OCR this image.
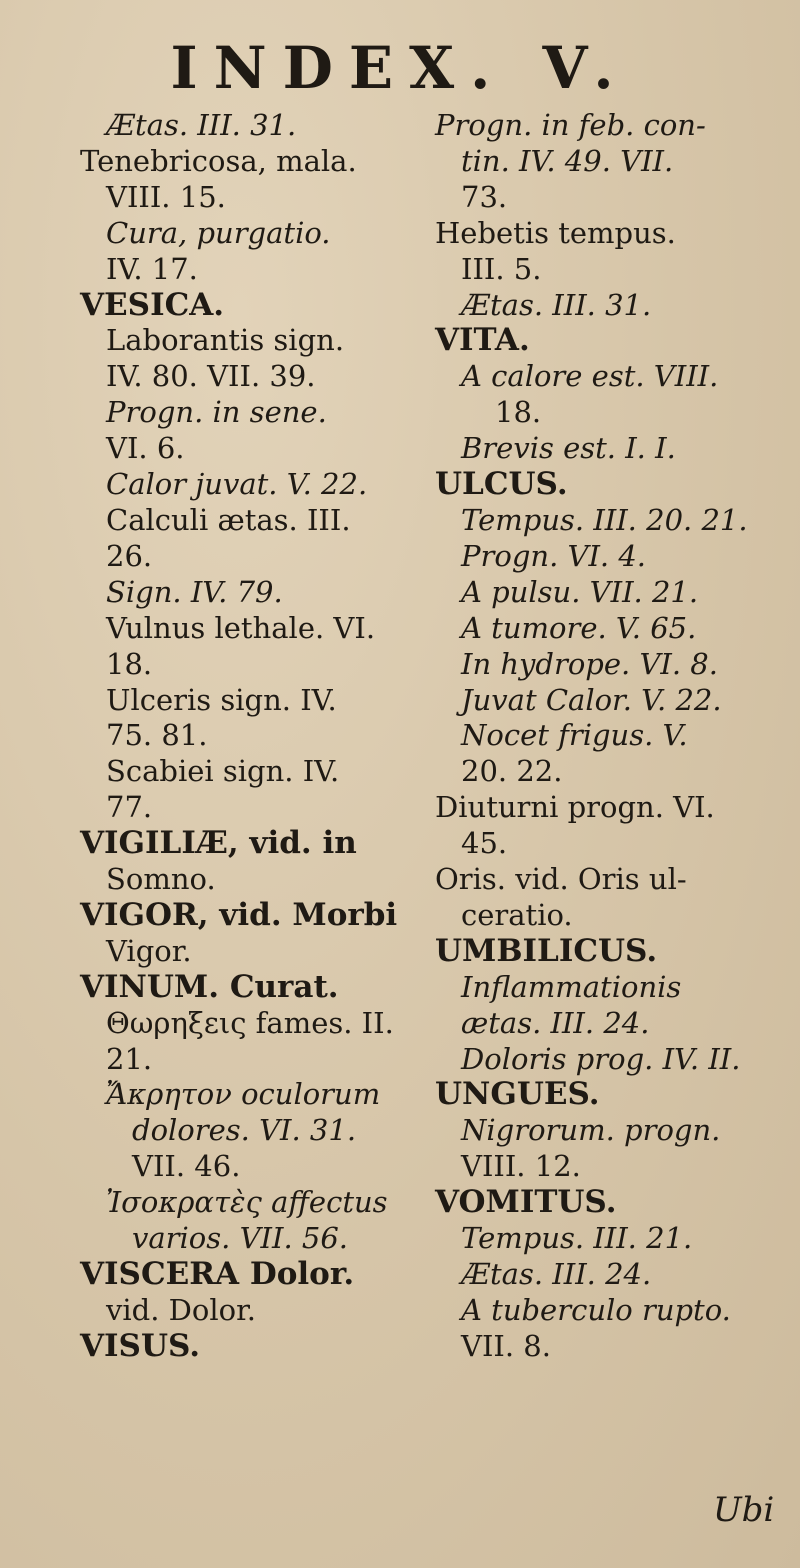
INDEX. V.
Ætas. III. 31.
Tenebricosa, mala.
VIII. 15.
Cura, purgatio.
IV. 17.
VESICA.
Laborantis sign.
IV. 80. VII. 39.
Progn. in sene.
VI. 6.
Calor juvat. V. 22.
Calculi ætas. III.
26.
Sign. IV. 79.
Vulnus lethale. VI.
18.
Ulceris sign. IV.
75. 81.
Scabiei sign. IV.
77.
VIGILIÆ, vid. in
Somno.
VIGOR, vid. Morbi
Vigor.
VINUM. Curat.
Θωρηξεις fames. II.
21.
Ἄκρητον oculorum
dolores. VI. 31.
VII. 46.
Ἰσοκρατὲς affectus
varios. VII. 56.
VISCERA Dolor.
vid. Dolor.
VISUS.
Progn. in feb. con-
tin. IV. 49. VII.
73.
Hebetis tempus.
III. 5.
Ætas. III. 31.
VITA.
A calore est. VIII.
18.
Brevis est. I. I.
ULCUS.
Tempus. III. 20. 21.
Progn. VI. 4.
A pulsu. VII. 21.
A tumore. V. 65.
In hydrope. VI. 8.
Juvat Calor. V. 22.
Nocet frigus. V.
20. 22.
Diuturni progn. VI.
45.
Oris. vid. Oris ul-
ceratio.
UMBILICUS.
Inflammationis
ætas. III. 24.
Doloris prog. IV. II.
UNGUES.
Nigrorum. progn.
VIII. 12.
VOMITUS.
Tempus. III. 21.
Ætas. III. 24.
A tuberculo rupto.
VII. 8.
Ubi
